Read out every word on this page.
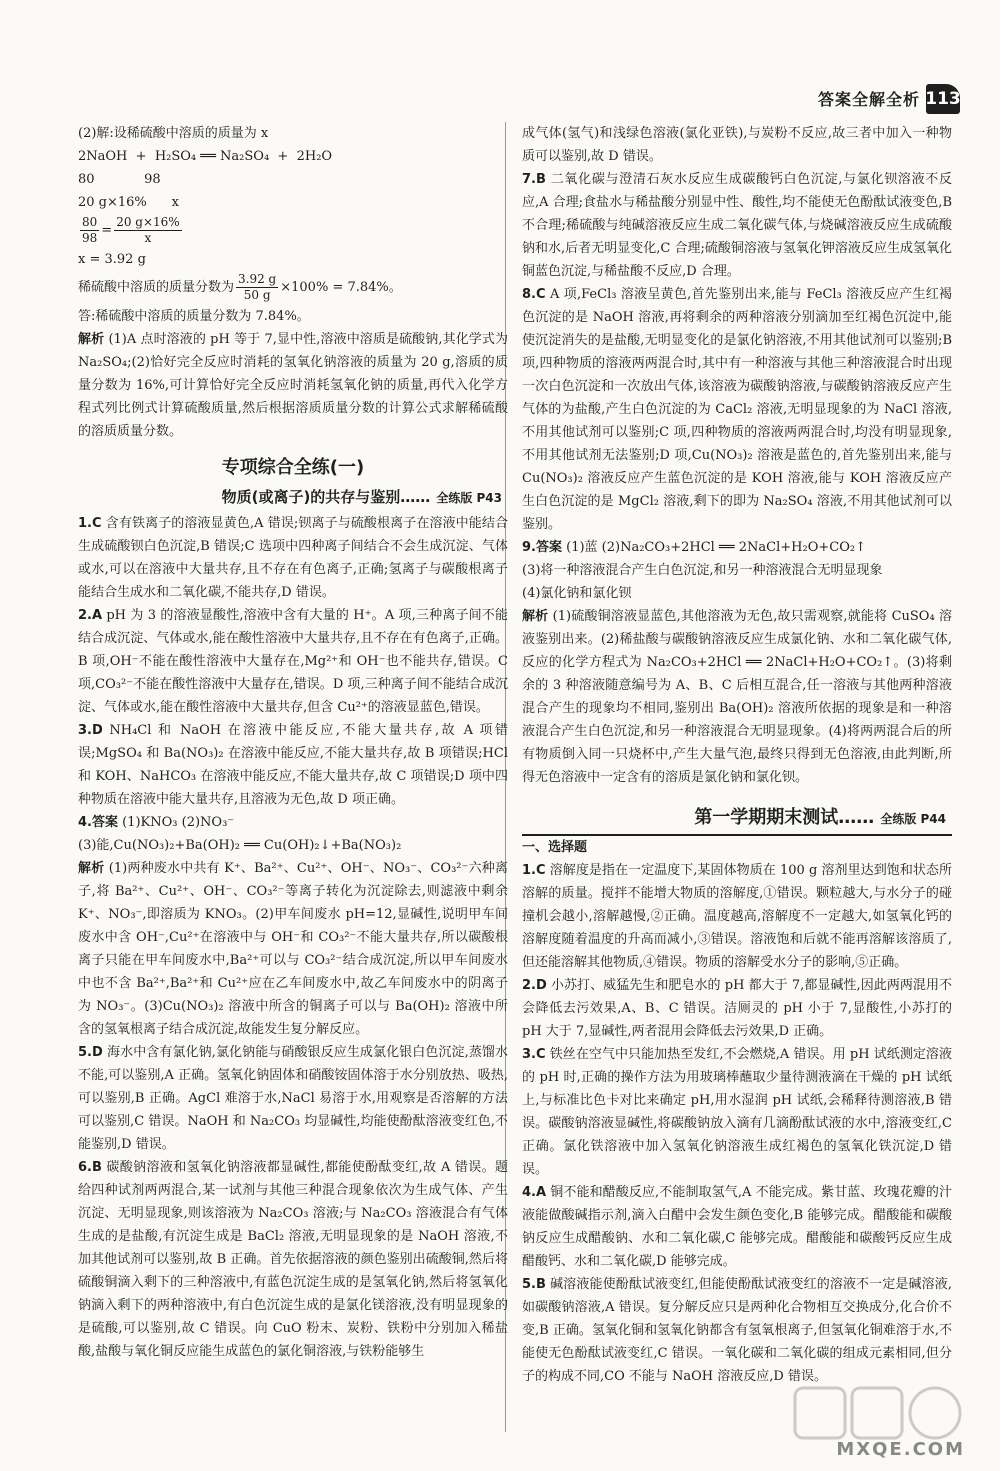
答案全解全析 113
(2)解:设稀硫酸中溶质的质量为 x
2NaOH  +  H₂SO₄ ══ Na₂SO₄  +  2H₂O
80            98
20 g×16%      x
$\frac{80}{98} = \frac{20 g\times 16\%}{x}$
x = 3.92 g
稀硫酸中溶质的质量分数为 $\frac{3.92 g}{50 g} \times 100\% = 7.84\%$。
答:稀硫酸中溶质的质量分数为 7.84%。
解析 (1)A 点时溶液的 pH 等于 7,显中性,溶液中溶质是硫酸钠,其化学式为 Na₂SO₄;(2)恰好完全反应时消耗的氢氧化钠溶液的质量为 20 g,溶质的质量分数为 16%,可计算恰好完全反应时消耗氢氧化钠的质量,再代入化学方程式列比例式计算硫酸质量,然后根据溶质质量分数的计算公式求解稀硫酸的溶质质量分数。
专项综合全练(一)
物质(或离子)的共存与鉴别…… 全练版 P43
1.C 含有铁离子的溶液显黄色,A 错误;钡离子与硫酸根离子在溶液中能结合生成硫酸钡白色沉淀,B 错误;C 选项中四种离子间结合不会生成沉淀、气体或水,可以在溶液中大量共存,且不存在有色离子,正确;氢离子与碳酸根离子能结合生成水和二氧化碳,不能共存,D 错误。
2.A pH 为 3 的溶液显酸性,溶液中含有大量的 H⁺。A 项,三种离子间不能结合成沉淀、气体或水,能在酸性溶液中大量共存,且不存在有色离子,正确。B 项,OH⁻不能在酸性溶液中大量存在,Mg²⁺和 OH⁻也不能共存,错误。C 项,CO₃²⁻不能在酸性溶液中大量存在,错误。D 项,三种离子间不能结合成沉淀、气体或水,能在酸性溶液中大量共存,但含 Cu²⁺的溶液显蓝色,错误。
3.D NH₄Cl 和 NaOH 在溶液中能反应,不能大量共存,故 A 项错误;MgSO₄ 和 Ba(NO₃)₂ 在溶液中能反应,不能大量共存,故 B 项错误;HCl 和 KOH、NaHCO₃ 在溶液中能反应,不能大量共存,故 C 项错误;D 项中四种物质在溶液中能大量共存,且溶液为无色,故 D 项正确。
4.答案 (1)KNO₃ (2)NO₃⁻
(3)能,Cu(NO₃)₂+Ba(OH)₂ ══ Cu(OH)₂↓+Ba(NO₃)₂
解析 (1)两种废水中共有 K⁺、Ba²⁺、Cu²⁺、OH⁻、NO₃⁻、CO₃²⁻六种离子,将 Ba²⁺、Cu²⁺、OH⁻、CO₃²⁻等离子转化为沉淀除去,则滤液中剩余 K⁺、NO₃⁻,即溶质为 KNO₃。(2)甲车间废水 pH=12,显碱性,说明甲车间废水中含 OH⁻,Cu²⁺在溶液中与 OH⁻和 CO₃²⁻不能大量共存,所以碳酸根离子只能在甲车间废水中,Ba²⁺可以与 CO₃²⁻结合成沉淀,所以甲车间废水中也不含 Ba²⁺,Ba²⁺和 Cu²⁺应在乙车间废水中,故乙车间废水中的阴离子为 NO₃⁻。(3)Cu(NO₃)₂ 溶液中所含的铜离子可以与 Ba(OH)₂ 溶液中所含的氢氧根离子结合成沉淀,故能发生复分解反应。
5.D 海水中含有氯化钠,氯化钠能与硝酸银反应生成氯化银白色沉淀,蒸馏水不能,可以鉴别,A 正确。氢氧化钠固体和硝酸铵固体溶于水分别放热、吸热,可以鉴别,B 正确。AgCl 难溶于水,NaCl 易溶于水,用观察是否溶解的方法可以鉴别,C 错误。NaOH 和 Na₂CO₃ 均显碱性,均能使酚酞溶液变红色,不能鉴别,D 错误。
6.B 碳酸钠溶液和氢氧化钠溶液都显碱性,都能使酚酞变红,故 A 错误。题给四种试剂两两混合,某一试剂与其他三种混合现象依次为生成气体、产生沉淀、无明显现象,则该溶液为 Na₂CO₃ 溶液;与 Na₂CO₃ 溶液混合有气体生成的是盐酸,有沉淀生成是 BaCl₂ 溶液,无明显现象的是 NaOH 溶液,不加其他试剂可以鉴别,故 B 正确。首先依据溶液的颜色鉴别出硫酸铜,然后将硫酸铜滴入剩下的三种溶液中,有蓝色沉淀生成的是氢氧化钠,然后将氢氧化钠滴入剩下的两种溶液中,有白色沉淀生成的是氯化镁溶液,没有明显现象的是硫酸,可以鉴别,故 C 错误。向 CuO 粉末、炭粉、铁粉中分别加入稀盐酸,盐酸与氧化铜反应能生成蓝色的氯化铜溶液,与铁粉能够生
成气体(氢气)和浅绿色溶液(氯化亚铁),与炭粉不反应,故三者中加入一种物质可以鉴别,故 D 错误。
7.B 二氧化碳与澄清石灰水反应生成碳酸钙白色沉淀,与氯化钡溶液不反应,A 合理;食盐水与稀盐酸分别显中性、酸性,均不能使无色酚酞试液变色,B 不合理;稀硫酸与纯碱溶液反应生成二氧化碳气体,与烧碱溶液反应生成硫酸钠和水,后者无明显变化,C 合理;硫酸铜溶液与氢氧化钾溶液反应生成氢氧化铜蓝色沉淀,与稀盐酸不反应,D 合理。
8.C A 项,FeCl₃ 溶液呈黄色,首先鉴别出来,能与 FeCl₃ 溶液反应产生红褐色沉淀的是 NaOH 溶液,再将剩余的两种溶液分别滴加至红褐色沉淀中,能使沉淀消失的是盐酸,无明显变化的是氯化钠溶液,不用其他试剂可以鉴别;B 项,四种物质的溶液两两混合时,其中有一种溶液与其他三种溶液混合时出现一次白色沉淀和一次放出气体,该溶液为碳酸钠溶液,与碳酸钠溶液反应产生气体的为盐酸,产生白色沉淀的为 CaCl₂ 溶液,无明显现象的为 NaCl 溶液,不用其他试剂可以鉴别;C 项,四种物质的溶液两两混合时,均没有明显现象,不用其他试剂无法鉴别;D 项,Cu(NO₃)₂ 溶液是蓝色的,首先鉴别出来,能与 Cu(NO₃)₂ 溶液反应产生蓝色沉淀的是 KOH 溶液,能与 KOH 溶液反应产生白色沉淀的是 MgCl₂ 溶液,剩下的即为 Na₂SO₄ 溶液,不用其他试剂可以鉴别。
9.答案 (1)蓝 (2)Na₂CO₃+2HCl ══ 2NaCl+H₂O+CO₂↑
(3)将一种溶液混合产生白色沉淀,和另一种溶液混合无明显现象
(4)氯化钠和氯化钡
解析 (1)硫酸铜溶液显蓝色,其他溶液为无色,故只需观察,就能将 CuSO₄ 溶液鉴别出来。(2)稀盐酸与碳酸钠溶液反应生成氯化钠、水和二氧化碳气体,反应的化学方程式为 Na₂CO₃+2HCl ══ 2NaCl+H₂O+CO₂↑。(3)将剩余的 3 种溶液随意编号为 A、B、C 后相互混合,任一溶液与其他两种溶液混合产生的现象均不相同,鉴别出 Ba(OH)₂ 溶液所依据的现象是和一种溶液混合产生白色沉淀,和另一种溶液混合无明显现象。(4)将两两混合后的所有物质倒入同一只烧杯中,产生大量气泡,最终只得到无色溶液,由此判断,所得无色溶液中一定含有的溶质是氯化钠和氯化钡。
第一学期期末测试…… 全练版 P44
一、选择题
1.C 溶解度是指在一定温度下,某固体物质在 100 g 溶剂里达到饱和状态所溶解的质量。搅拌不能增大物质的溶解度,①错误。颗粒越大,与水分子的碰撞机会越小,溶解越慢,②正确。温度越高,溶解度不一定越大,如氢氧化钙的溶解度随着温度的升高而减小,③错误。溶液饱和后就不能再溶解该溶质了,但还能溶解其他物质,④错误。物质的溶解受水分子的影响,⑤正确。
2.D 小苏打、威猛先生和肥皂水的 pH 都大于 7,都显碱性,因此两两混用不会降低去污效果,A、B、C 错误。洁厕灵的 pH 小于 7,显酸性,小苏打的 pH 大于 7,显碱性,两者混用会降低去污效果,D 正确。
3.C 铁丝在空气中只能加热至发红,不会燃烧,A 错误。用 pH 试纸测定溶液的 pH 时,正确的操作方法为用玻璃棒蘸取少量待测液滴在干燥的 pH 试纸上,与标准比色卡对比来确定 pH,用水湿润 pH 试纸,会稀释待测溶液,B 错误。碳酸钠溶液显碱性,将碳酸钠放入滴有几滴酚酞试液的水中,溶液变红,C 正确。氯化铁溶液中加入氢氧化钠溶液生成红褐色的氢氧化铁沉淀,D 错误。
4.A 铜不能和醋酸反应,不能制取氢气,A 不能完成。紫甘蓝、玫瑰花瓣的汁液能做酸碱指示剂,滴入白醋中会发生颜色变化,B 能够完成。醋酸能和碳酸钠反应生成醋酸钠、水和二氧化碳,C 能够完成。醋酸能和碳酸钙反应生成醋酸钙、水和二氧化碳,D 能够完成。
5.B 碱溶液能使酚酞试液变红,但能使酚酞试液变红的溶液不一定是碱溶液,如碳酸钠溶液,A 错误。复分解反应只是两种化合物相互交换成分,化合价不变,B 正确。氢氧化铜和氢氧化钠都含有氢氧根离子,但氢氧化铜难溶于水,不能使无色酚酞试液变红,C 错误。一氧化碳和二氧化碳的组成元素相同,但分子的构成不同,CO 不能与 NaOH 溶液反应,D 错误。
MXQE.COM
